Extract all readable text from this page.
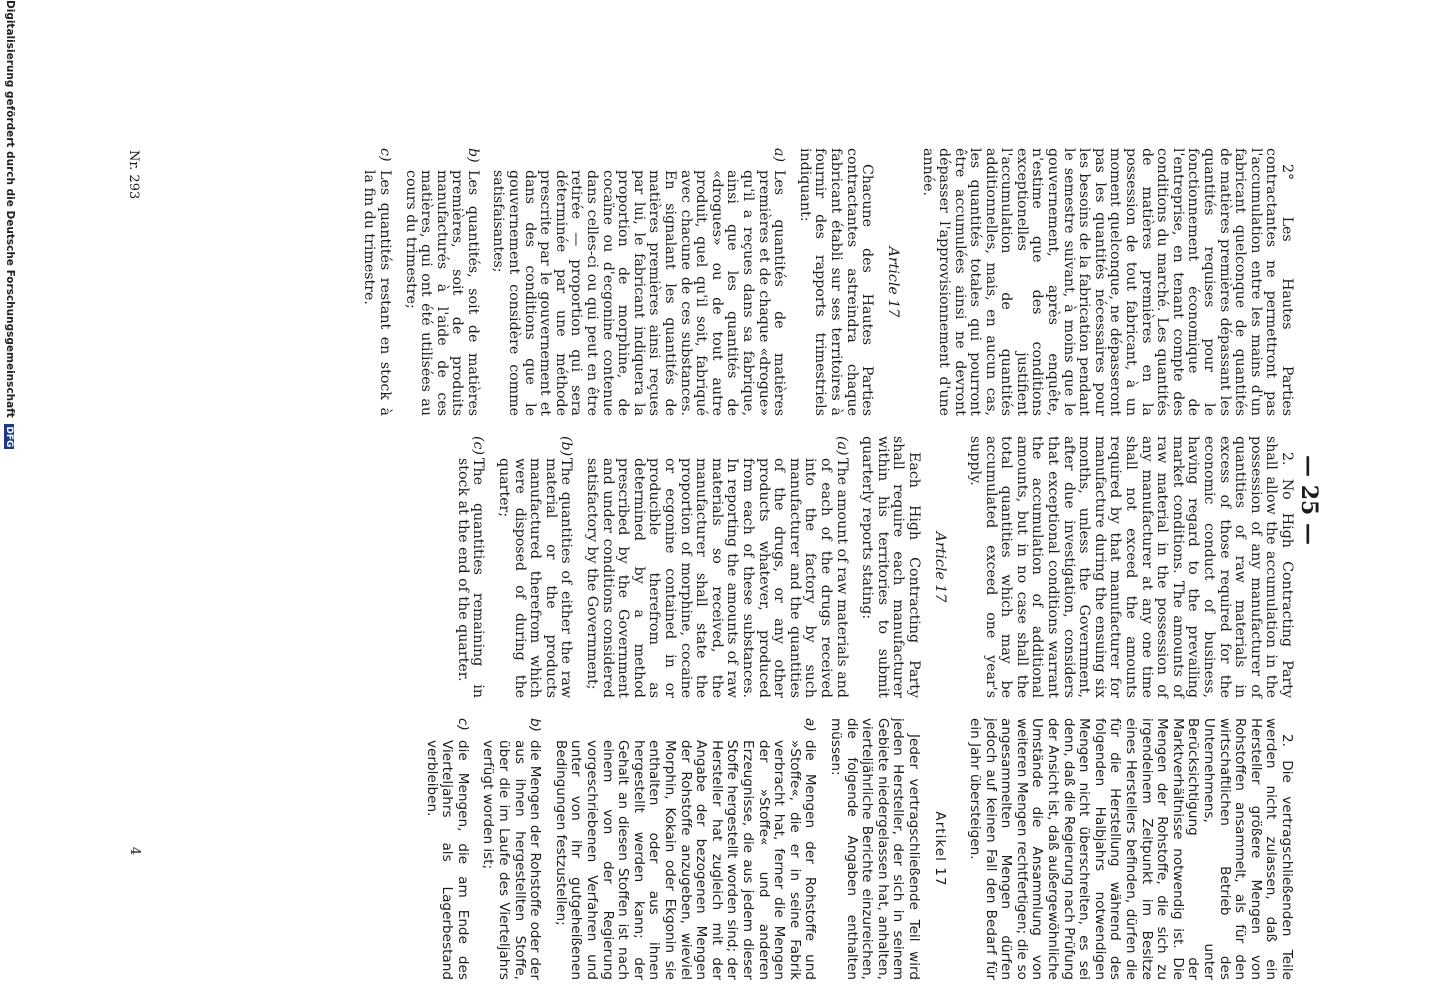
— 25 —

2° Les Hautes Parties contractantes ne permettront pas l'accumulation entre les mains d'un fabricant quelconque de quantités de matières premières dépassant les quantités requises pour le fonctionnement économique de l'entreprise, en tenant compte des conditions du marché. Les quantités de matières premières en la possession de tout fabricant, à un moment quelconque, ne dépasseront pas les quantités nécessaires pour les besoins de la fabrication pendant le semestre suivant, à moins que le gouvernement, après enquête, n'estime que des conditions exceptionelles justifient l'accumulation de quantités additionnelles, mais, en aucun cas, les quantités totales qui pourront être accumulées ainsi ne devront dépasser l'approvisionnement d'une année.

Article 17

Chacune des Hautes Parties contractantes astreindra chaque fabricant établi sur ses territoires à fournir des rapports trimestriels indiquant:

a)
Les quantités de matières premières et de chaque «drogue» qu'il a reçues dans sa fabrique, ainsi que les quantités de «drogues» ou de tout autre produit, quel qu'il soit, fabriqué avec chacune de ces substances. En signalant les quantités de matières premières ainsi reçues par lui, le fabricant indiquera la proportion de morphine, de cocaïne ou d'ecgonine contenue dans celles-ci ou qui peut en être retirée — proportion qui sera déterminée par une méthode prescrite par le gouvernement et dans des conditions que le gouvernement considère comme satisfaisantes;
b)
Les quantités, soit de matières premières, soit de produits manufacturés à l'aide de ces matières, qui ont été utilisées au cours du trimestre;
c)
Les quantités restant en stock à la fin du trimestre.

2. No High Contracting Party shall allow the accumulation in the possession of any manufacturer of quantities of raw materials in excess of those required for the economic conduct of business, having regard to the prevailing market conditions. The amounts of raw material in the possession of any manufacturer at any one time shall not exceed the amounts required by that manufacturer for manufacture during the ensuing six months, unless the Government, after due investigation, considers that exceptional conditions warrant the accumulation of additional amounts, but in no case shall the total quantities which may be accumulated exceed one year's supply.

Article 17

Each High Contracting Party shall require each manufacturer within his territories to submit quarterly reports stating:

(a)
The amount of raw materials and of each of the drugs received into the factory by such manufacturer and the quantities of the drugs, or any other products whatever, produced from each of these substances. In reporting the amounts of raw materials so received, the manufacturer shall state the proportion of morphine, cocaine or ecgonine contained in or producible therefrom as determined by a method prescribed by the Government and under conditions considered satisfactory by the Government;
(b)
The quantities of either the raw material or the products manufactured therefrom which were disposed of during the quarter;
(c)
The quantities remaining in stock at the end of the quarter.

2. Die vertragschließenden Teile werden nicht zulassen, daß ein Hersteller größere Mengen von Rohstoffen ansammelt, als für den wirtschaftlichen Betrieb des Unternehmens, unter Berücksichtigung der Marktverhältnisse notwendig ist. Die Mengen der Rohstoffe, die sich zu irgendeinem Zeitpunkt im Besitze eines Herstellers befinden, dürfen die für die Herstellung während des folgenden Halbjahrs notwendigen Mengen nicht überschreiten, es sei denn, daß die Regierung nach Prüfung der Ansicht ist, daß außergewöhnliche Umstände die Ansammlung von weiteren Mengen rechtfertigen; die so angesammelten Mengen dürfen jedoch auf keinen Fall den Bedarf für ein Jahr übersteigen.

Artikel 17

Jeder vertragschließende Teil wird jeden Hersteller, der sich in seinem Gebiete niedergelassen hat, anhalten, vierteljährliche Berichte einzureichen, die folgende Angaben enthalten müssen:

a)
die Mengen der Rohstoffe und »Stoffe«, die er in seine Fabrik verbracht hat, ferner die Mengen der »Stoffe« und anderen Erzeugnisse, die aus jedem dieser Stoffe hergestellt worden sind; der Hersteller hat zugleich mit der Angabe der bezogenen Mengen der Rohstoffe anzugeben, wieviel Morphin, Kokain oder Ekgonin sie enthalten oder aus ihnen hergestellt werden kann; der Gehalt an diesen Stoffen ist nach einem von der Regierung vorgeschriebenen Verfahren und unter von ihr gutgeheißenen Bedingungen festzustellen;
b)
die Mengen der Rohstoffe oder der aus ihnen hergestellten Stoffe, über die im Laufe des Vierteljahrs verfügt worden ist;
c)
die Mengen, die am Ende des Vierteljahrs als Lagerbestand verbleiben.
Nr. 293
4
Digitalisierung gefördert durch die Deutsche Forschungsgemeinschaft DFG
